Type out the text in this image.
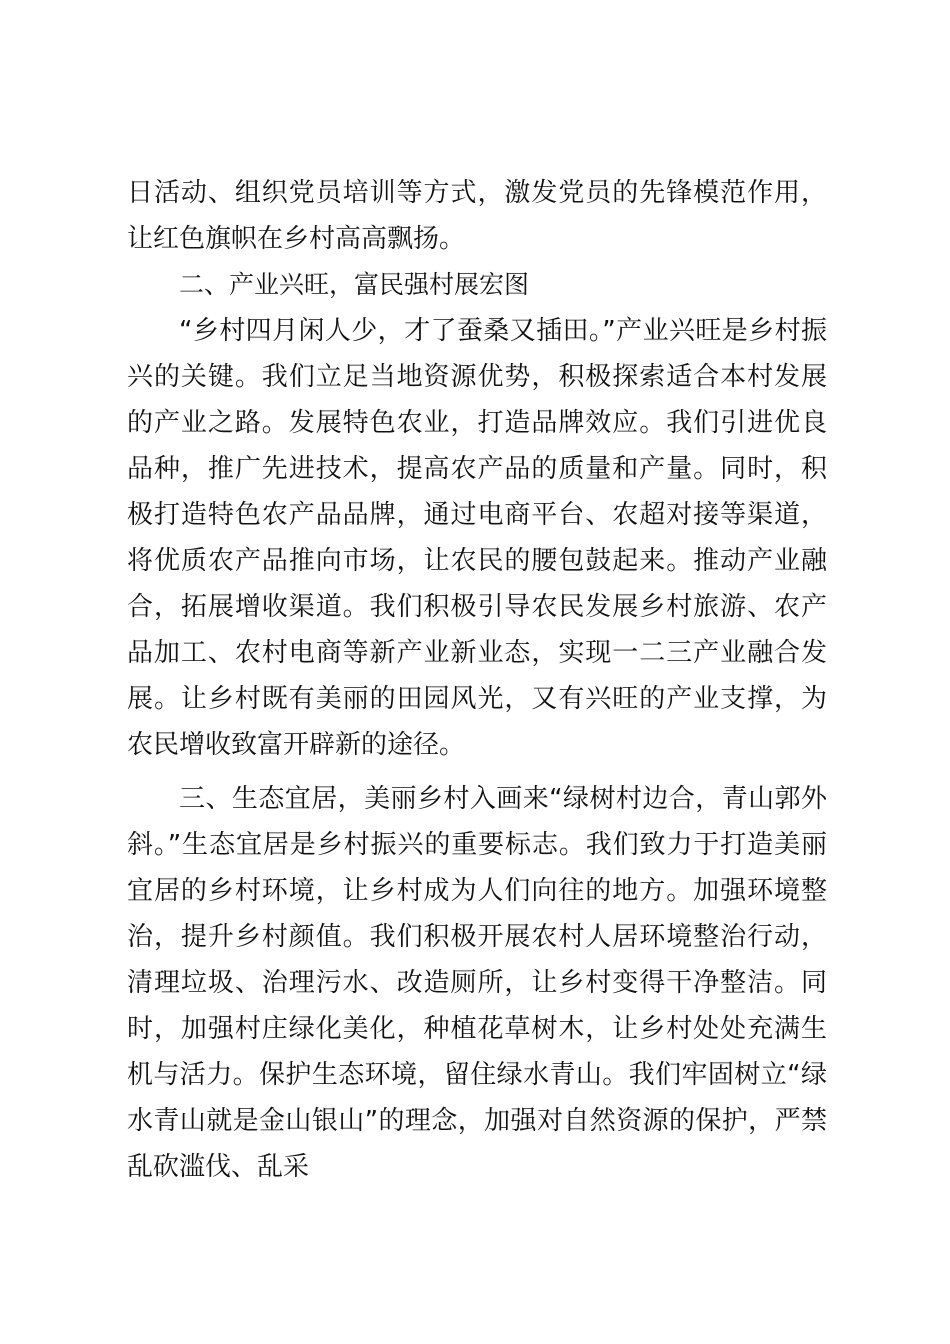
日活动、组织党员培训等方式，激发党员的先锋模范作用，让红色旗帜在乡村高高飘扬。

二、产业兴旺，富民强村展宏图

“乡村四月闲人少，才了蚕桑又插田。”产业兴旺是乡村振兴的关键。我们立足当地资源优势，积极探索适合本村发展的产业之路。发展特色农业，打造品牌效应。我们引进优良品种，推广先进技术，提高农产品的质量和产量。同时，积极打造特色农产品品牌，通过电商平台、农超对接等渠道，将优质农产品推向市场，让农民的腰包鼓起来。推动产业融合，拓展增收渠道。我们积极引导农民发展乡村旅游、农产品加工、农村电商等新产业新业态，实现一二三产业融合发展。让乡村既有美丽的田园风光，又有兴旺的产业支撑，为农民增收致富开辟新的途径。

三、生态宜居，美丽乡村入画来“绿树村边合，青山郭外斜。”生态宜居是乡村振兴的重要标志。我们致力于打造美丽宜居的乡村环境，让乡村成为人们向往的地方。加强环境整治，提升乡村颜值。我们积极开展农村人居环境整治行动，清理垃圾、治理污水、改造厕所，让乡村变得干净整洁。同时，加强村庄绿化美化，种植花草树木，让乡村处处充满生机与活力。保护生态环境，留住绿水青山。我们牢固树立“绿水青山就是金山银山”的理念，加强对自然资源的保护，严禁乱砍滥伐、乱采
